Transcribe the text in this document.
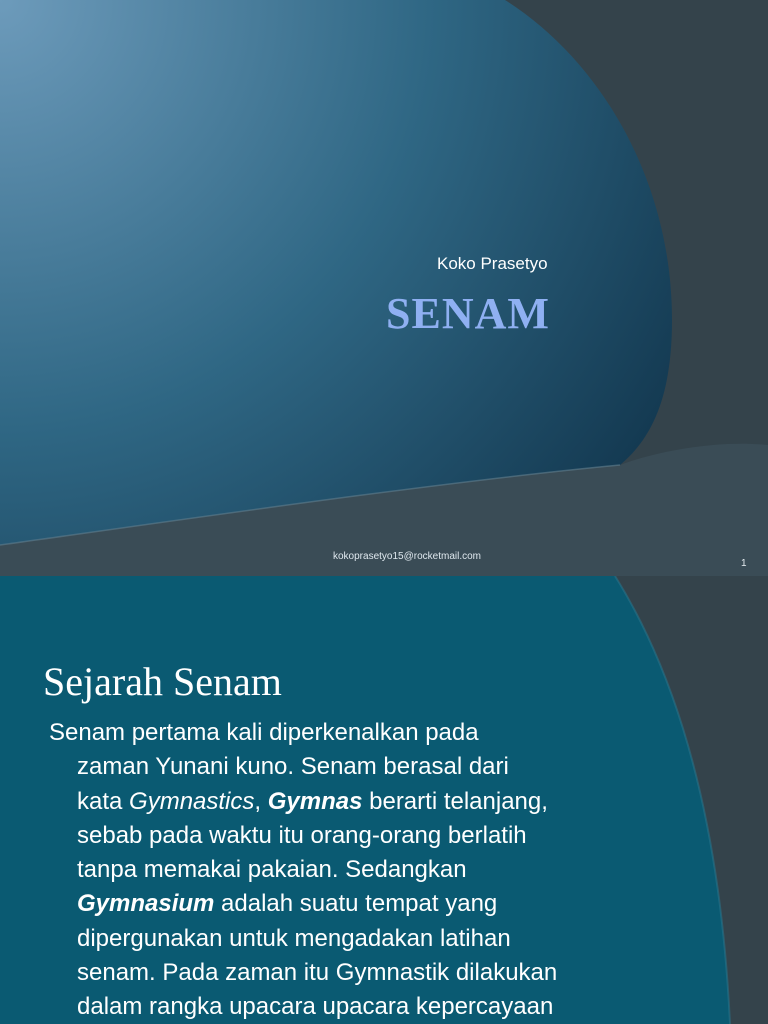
Koko Prasetyo
SENAM
kokoprasetyo15@rocketmail.com
1
Sejarah Senam
Senam pertama kali diperkenalkan pada
zaman Yunani kuno. Senam berasal dari
kata Gymnastics, Gymnas berarti telanjang,
sebab pada waktu itu orang-orang berlatih
tanpa memakai pakaian. Sedangkan
Gymnasium adalah suatu tempat yang
dipergunakan untuk mengadakan latihan
senam. Pada zaman itu Gymnastik dilakukan
dalam rangka upacara upacara kepercayaan
